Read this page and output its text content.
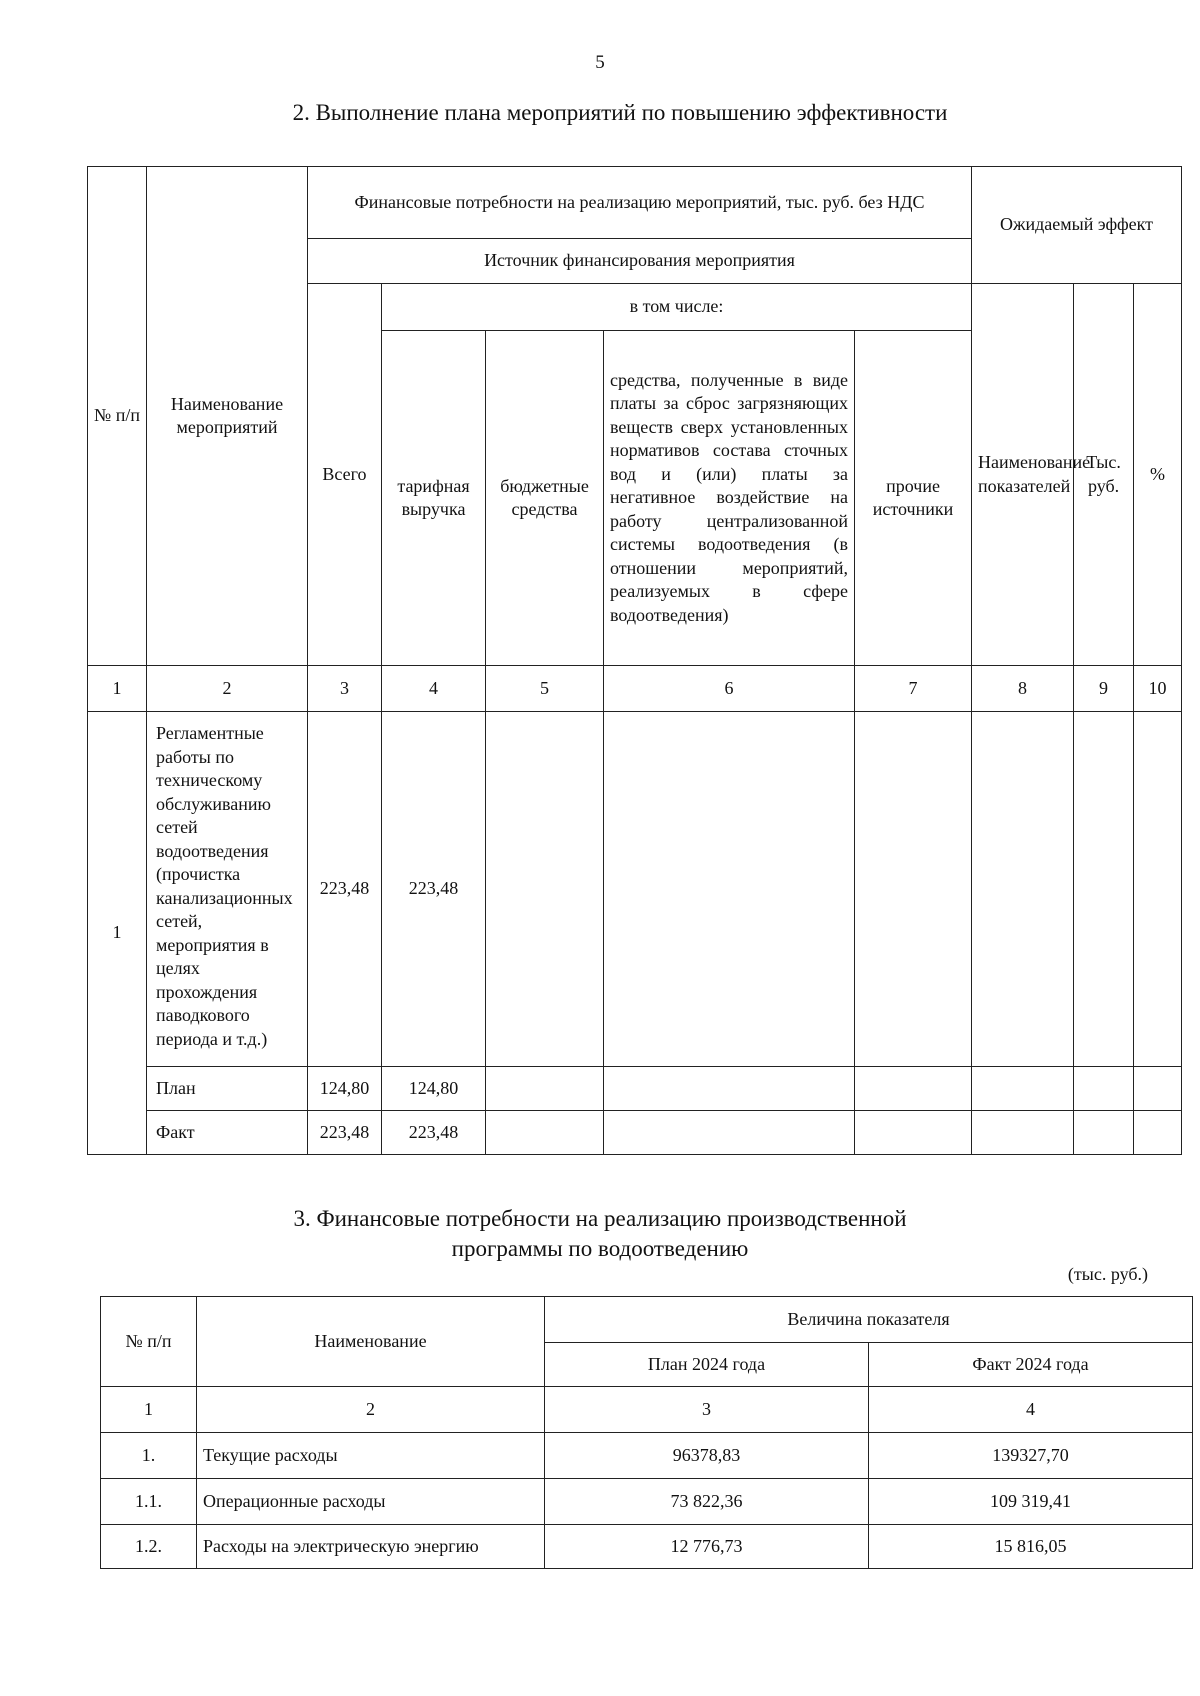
5
2. Выполнение плана мероприятий по повышению эффективности
№ п/п	Наименование мероприятий	Финансовые потребности на реализацию мероприятий, тыс. руб. без НДС					Ожидаемый эффект		
		Источник финансирования мероприятия							
		Всего	в том числе:				Наименование показателей	Тыс. руб.	%
			тарифная выручка	бюджетные средства	средства, полученные в виде платы за сброс загрязняющих веществ сверх установленных нормативов состава сточных вод и (или) платы за негативное воздействие на работу централизованной системы водоотведения (в отношении мероприятий, реализуемых в сфере водоотведения)	прочие источники			
1	2	3	4	5	6	7	8	9	10
1	Регламентные работы по техническому обслуживанию сетей водоотведения (прочистка канализационных сетей, мероприятия в целях прохождения паводкового периода и т.д.)	223,48	223,48						
	План	124,80	124,80						
	Факт	223,48	223,48						
3. Финансовые потребности на реализацию производственной
программы по водоотведению
(тыс. руб.)
№ п/п	Наименование	Величина показателя	
		План 2024 года	Факт 2024 года
1	2	3	4
1.	Текущие расходы	96378,83	139327,70
1.1.	Операционные расходы	73 822,36	109 319,41
1.2.	Расходы на электрическую энергию	12 776,73	15 816,05
